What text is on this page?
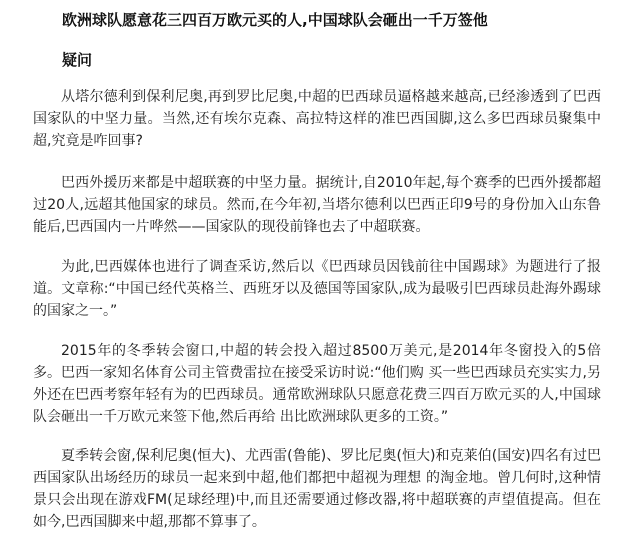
欧洲球队愿意花三四百万欧元买的人,中国球队会砸出一千万签他
疑问

从塔尔德利到保利尼奥,再到罗比尼奥,中超的巴西球员逼格越来越高,已经渗透到了巴西国家队的中坚力量。当然,还有埃尔克森、高拉特这样的准巴西国脚,这么多巴西球员聚集中超,究竟是咋回事?

巴西外援历来都是中超联赛的中坚力量。据统计,自2010年起,每个赛季的巴西外援都超过20人,远超其他国家的球员。然而,在今年初,当塔尔德利以巴西正印9号的身份加入山东鲁能后,巴西国内一片哗然——国家队的现役前锋也去了中超联赛。

为此,巴西媒体也进行了调查采访,然后以《巴西球员因钱前往中国踢球》为题进行了报道。文章称:“中国已经代英格兰、西班牙以及德国等国家队,成为最吸引巴西球员赴海外踢球的国家之一。”

2015年的冬季转会窗口,中超的转会投入超过8500万美元,是2014年冬窗投入的5倍多。巴西一家知名体育公司主管费雷拉在接受采访时说:“他们购 买一些巴西球员充实实力,另外还在巴西考察年轻有为的巴西球员。通常欧洲球队只愿意花费三四百万欧元买的人,中国球队会砸出一千万欧元来签下他,然后再给 出比欧洲球队更多的工资。”

夏季转会窗,保利尼奥(恒大)、尤西雷(鲁能)、罗比尼奥(恒大)和克莱伯(国安)四名有过巴西国家队出场经历的球员一起来到中超,他们都把中超视为理想 的淘金地。曾几何时,这种情景只会出现在游戏FM(足球经理)中,而且还需要通过修改器,将中超联赛的声望值提高。但在如今,巴西国脚来中超,那都不算事了。
